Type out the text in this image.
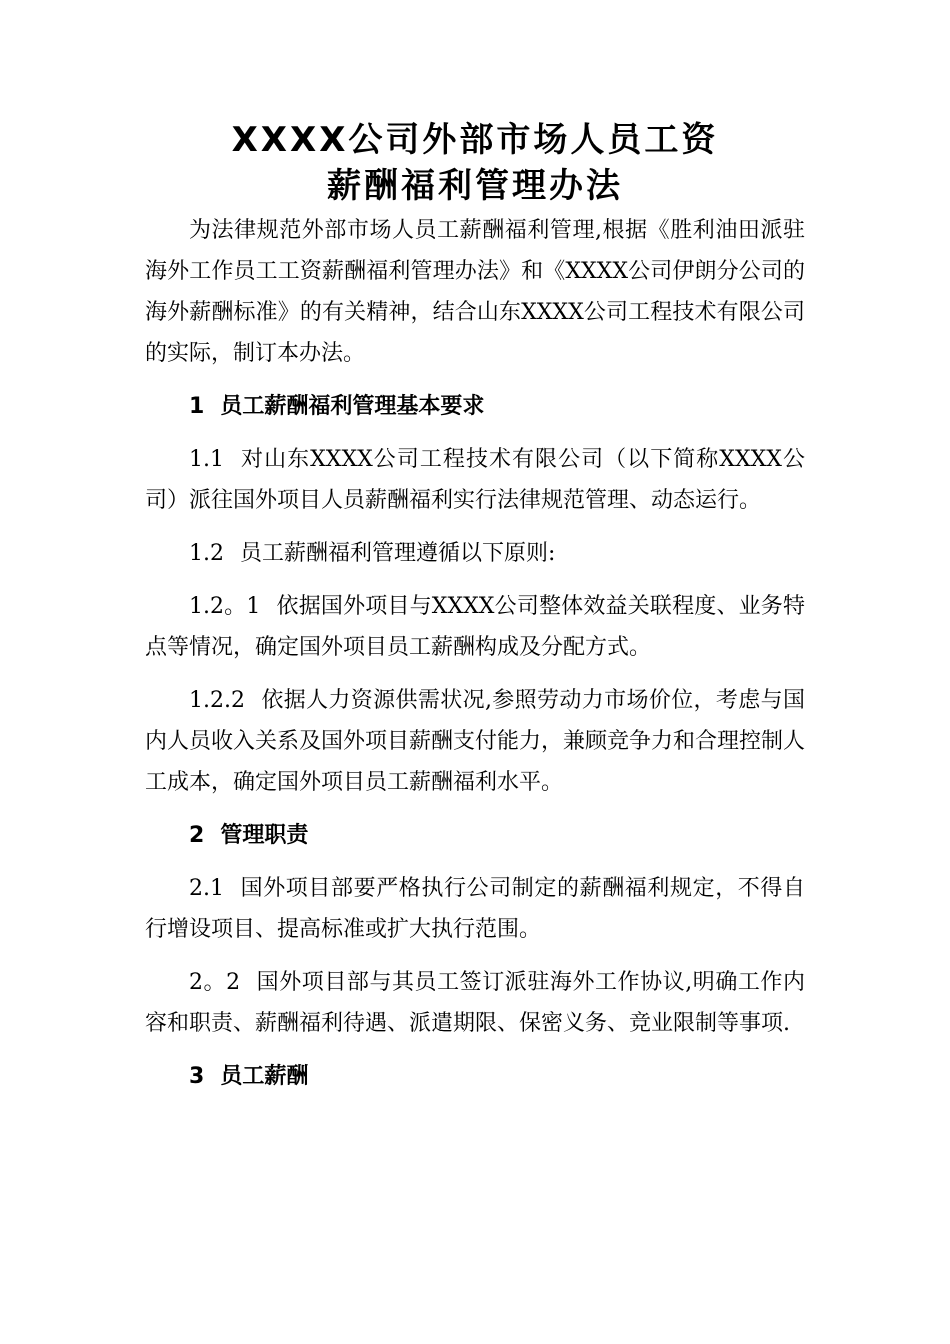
XXXX公司外部市场人员工资
薪酬福利管理办法

为法律规范外部市场人员工薪酬福利管理,根据《胜利油田派驻海外工作员工工资薪酬福利管理办法》和《XXXX公司伊朗分公司的海外薪酬标准》的有关精神，结合山东XXXX公司工程技术有限公司的实际，制订本办法。

1 员工薪酬福利管理基本要求

1.1 对山东XXXX公司工程技术有限公司（以下简称XXXX公司）派往国外项目人员薪酬福利实行法律规范管理、动态运行。

1.2 员工薪酬福利管理遵循以下原则:

1.2。1 依据国外项目与XXXX公司整体效益关联程度、业务特点等情况，确定国外项目员工薪酬构成及分配方式。

1.2.2 依据人力资源供需状况,参照劳动力市场价位，考虑与国内人员收入关系及国外项目薪酬支付能力，兼顾竞争力和合理控制人工成本，确定国外项目员工薪酬福利水平。

2 管理职责

2.1 国外项目部要严格执行公司制定的薪酬福利规定，不得自行增设项目、提高标准或扩大执行范围。

2。2 国外项目部与其员工签订派驻海外工作协议,明确工作内容和职责、薪酬福利待遇、派遣期限、保密义务、竞业限制等事项.

3 员工薪酬
